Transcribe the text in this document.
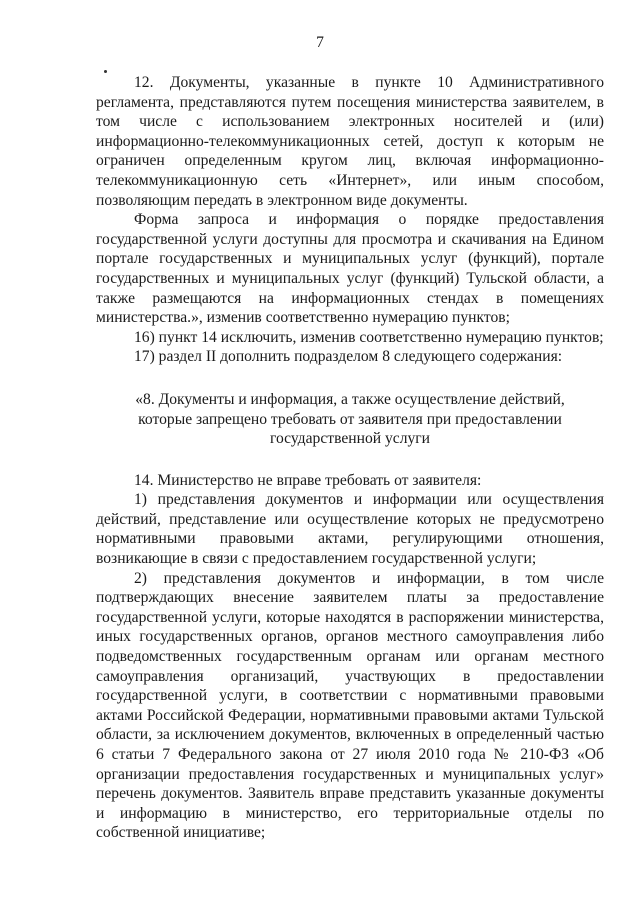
7

12. Документы, указанные в пункте 10 Административного регламента, представляются путем посещения министерства заявителем, в том числе с использованием электронных носителей и (или) информационно-телекоммуникационных сетей, доступ к которым не ограничен определенным кругом лиц, включая информационно-телекоммуникационную сеть «Интернет», или иным способом, позволяющим передать в электронном виде документы.

Форма запроса и информация о порядке предоставления государственной услуги доступны для просмотра и скачивания на Едином портале государственных и муниципальных услуг (функций), портале государственных и муниципальных услуг (функций) Тульской области, а также размещаются на информационных стендах в помещениях министерства.», изменив соответственно нумерацию пунктов;

16) пункт 14 исключить, изменив соответственно нумерацию пунктов;

17) раздел II дополнить подразделом 8 следующего содержания:

«8. Документы и информация, а также осуществление действий, которые запрещено требовать от заявителя при предоставлении государственной услуги

14. Министерство не вправе требовать от заявителя:

1) представления документов и информации или осуществления действий, представление или осуществление которых не предусмотрено нормативными правовыми актами, регулирующими отношения, возникающие в связи с предоставлением государственной услуги;

2) представления документов и информации, в том числе подтверждающих внесение заявителем платы за предоставление государственной услуги, которые находятся в распоряжении министерства, иных государственных органов, органов местного самоуправления либо подведомственных государственным органам или органам местного самоуправления организаций, участвующих в предоставлении государственной услуги, в соответствии с нормативными правовыми актами Российской Федерации, нормативными правовыми актами Тульской области, за исключением документов, включенных в определенный частью 6 статьи 7 Федерального закона от 27 июля 2010 года № 210-ФЗ «Об организации предоставления государственных и муниципальных услуг» перечень документов. Заявитель вправе представить указанные документы и информацию в министерство, его территориальные отделы по собственной инициативе;
